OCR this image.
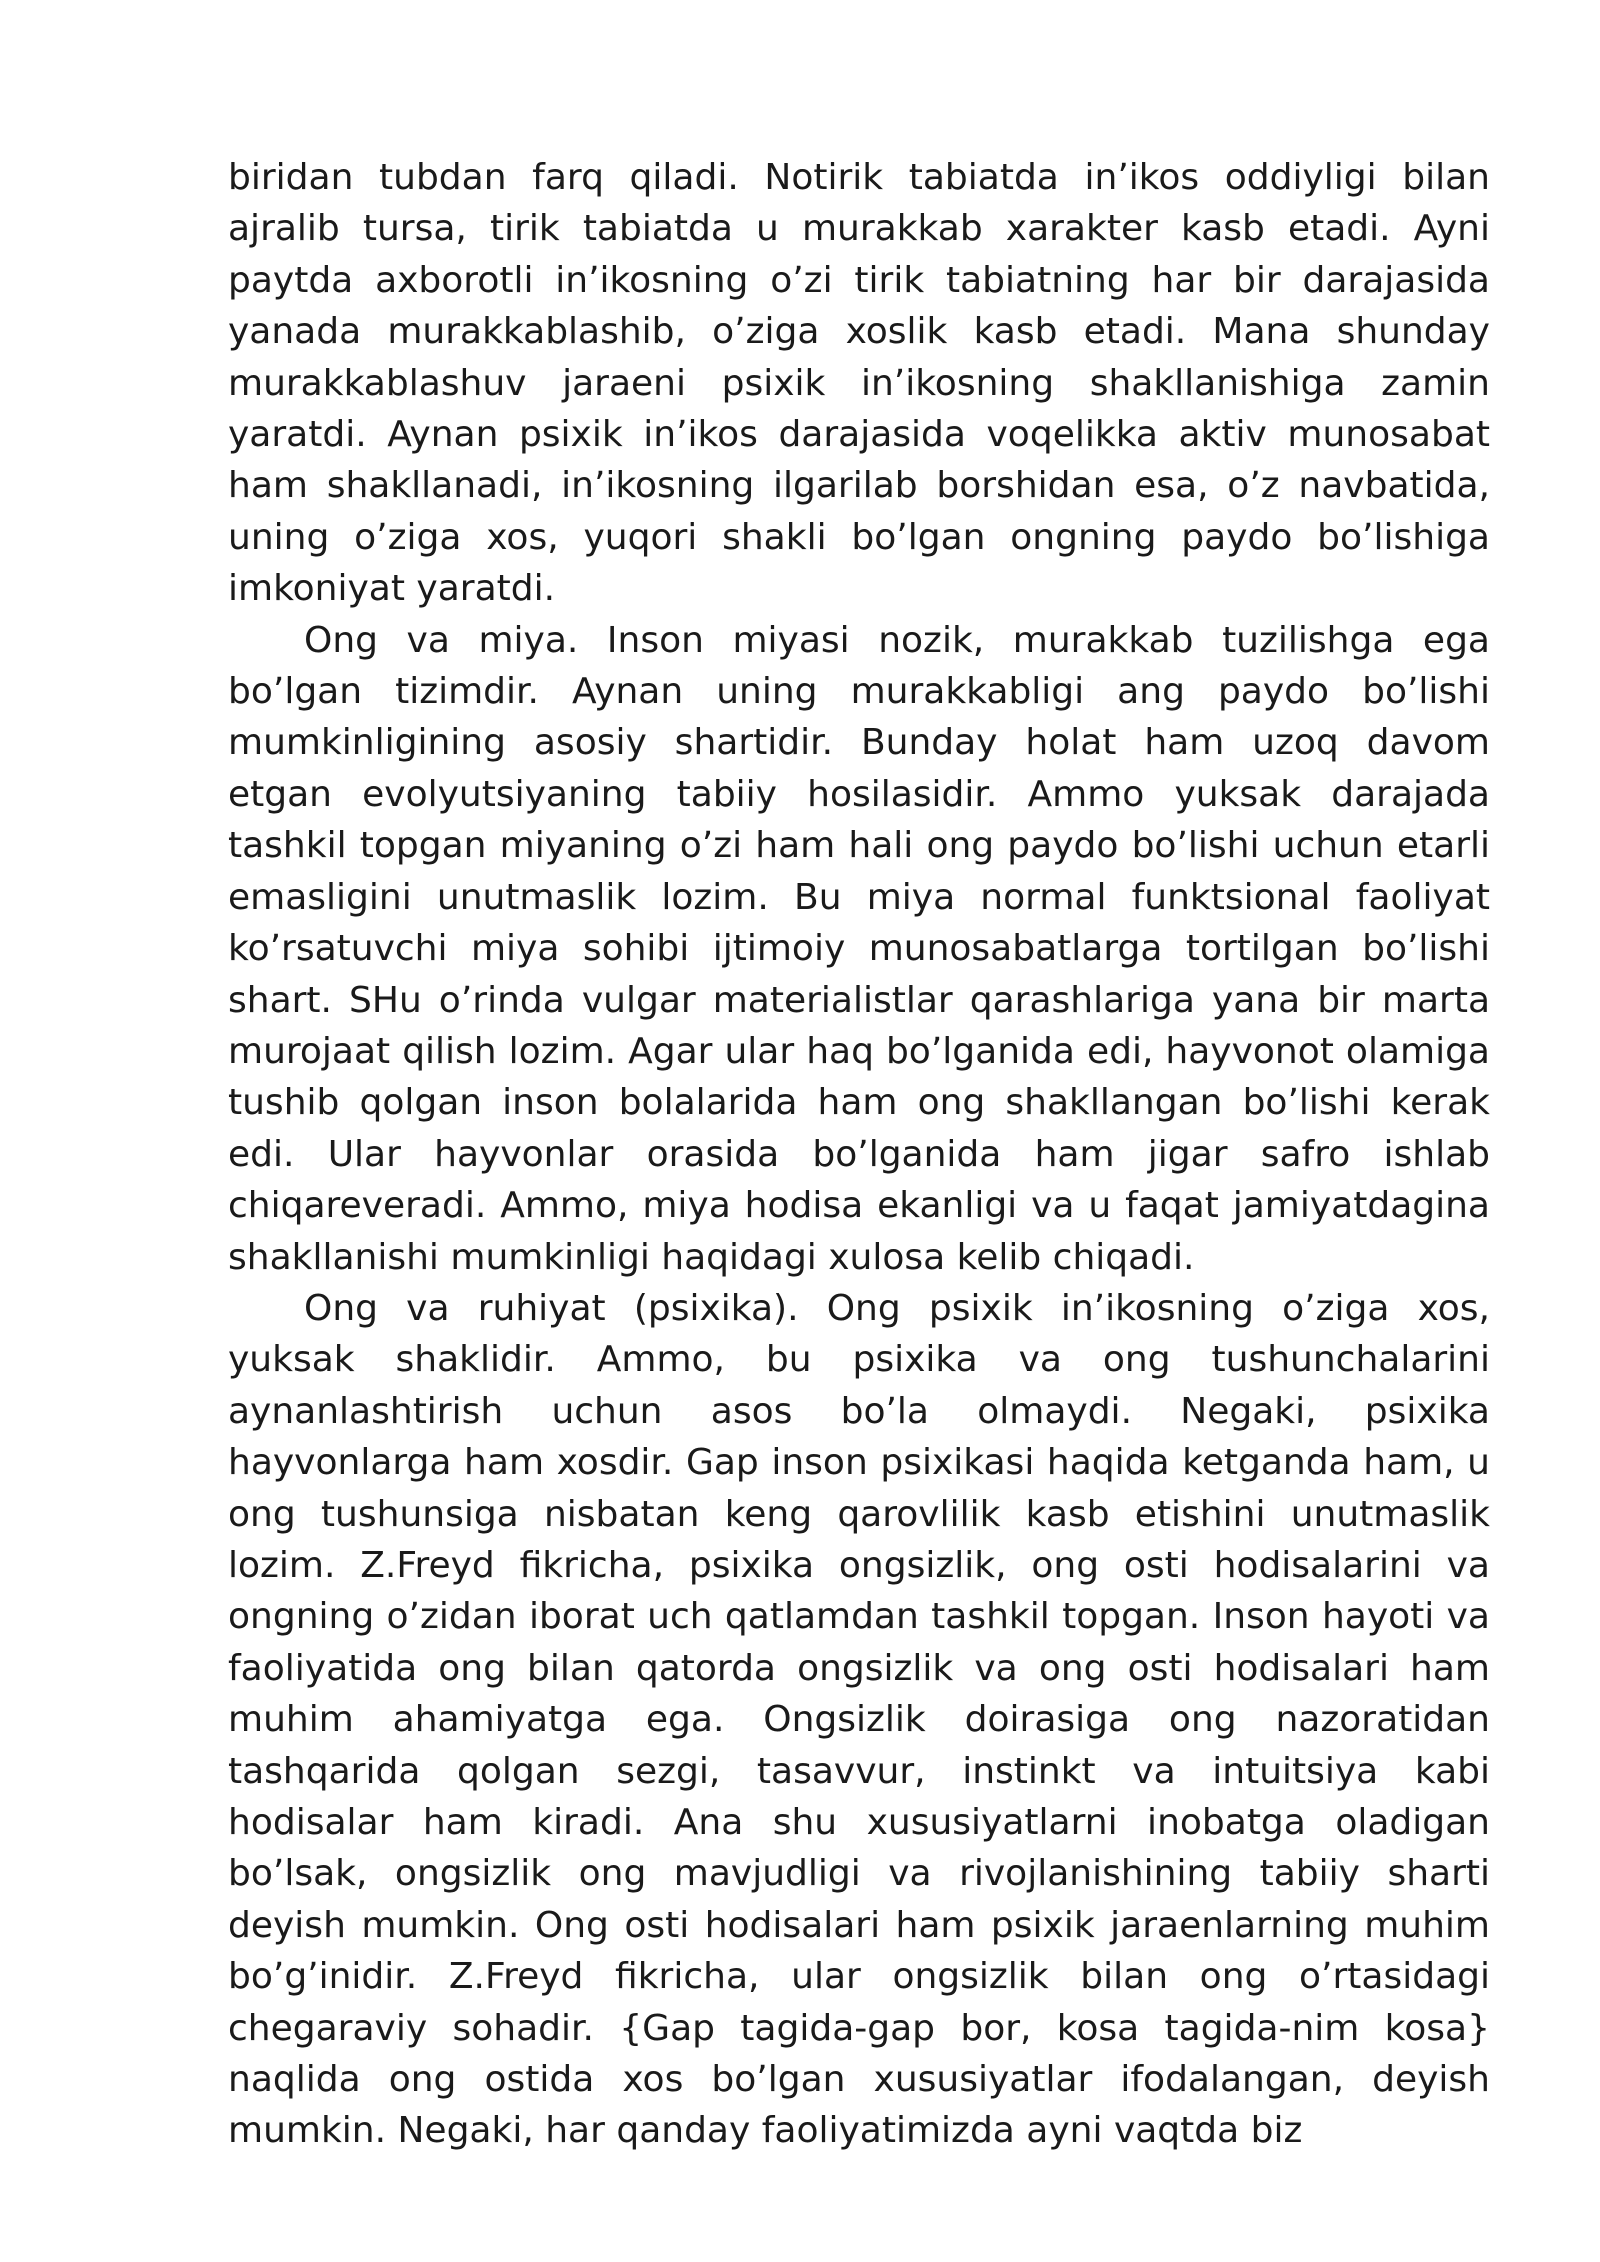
biridan tubdan farq qiladi. Notirik tabiatda in’ikos oddiyligi bilan ajralib tursa, tirik tabiatda u murakkab xarakter kasb etadi. Ayni paytda axborotli in’ikosning o’zi tirik tabiatning har bir darajasida yanada murakkablashib, o’ziga xoslik kasb etadi. Mana shunday murakkablashuv jaraeni psixik in’ikosning shakllanishiga zamin yaratdi. Aynan psixik in’ikos darajasida voqelikka aktiv munosabat ham shakllanadi, in’ikosning ilgarilab borshidan esa, o’z navbatida, uning o’ziga xos, yuqori shakli bo’lgan ongning paydo bo’lishiga imkoniyat yaratdi.

Ong va miya. Inson miyasi nozik, murakkab tuzilishga ega bo’lgan tizimdir. Aynan uning murakkabligi ang paydo bo’lishi mumkinligining asosiy shartidir. Bunday holat ham uzoq davom etgan evolyutsiyaning tabiiy hosilasidir. Ammo yuksak darajada tashkil topgan miyaning o’zi ham hali ong paydo bo’lishi uchun etarli emasligini unutmaslik lozim. Bu miya normal funktsional faoliyat ko’rsatuvchi miya sohibi ijtimoiy munosabatlarga tortilgan bo’lishi shart. SHu o’rinda vulgar materialistlar qarashlariga yana bir marta murojaat qilish lozim. Agar ular haq bo’lganida edi, hayvonot olamiga tushib qolgan inson bolalarida ham ong shakllangan bo’lishi kerak edi. Ular hayvonlar orasida bo’lganida ham jigar safro ishlab chiqareveradi. Ammo, miya hodisa ekanligi va u faqat jamiyatdagina shakllanishi mumkinligi haqidagi xulosa kelib chiqadi.

Ong va ruhiyat (psixika). Ong psixik in’ikosning o’ziga xos, yuksak shaklidir. Ammo, bu psixika va ong tushunchalarini aynanlashtirish uchun asos bo’la olmaydi. Negaki, psixika hayvonlarga ham xosdir. Gap inson psixikasi haqida ketganda ham, u ong tushunsiga nisbatan keng qarovlilik kasb etishini unutmaslik lozim. Z.Freyd fikricha, psixika ongsizlik, ong osti hodisalarini va ongning o’zidan iborat uch qatlamdan tashkil topgan. Inson hayoti va faoliyatida ong bilan qatorda ongsizlik va ong osti hodisalari ham muhim ahamiyatga ega. Ongsizlik doirasiga ong nazoratidan tashqarida qolgan sezgi, tasavvur, instinkt va intuitsiya kabi hodisalar ham kiradi. Ana shu xususiyatlarni inobatga oladigan bo’lsak, ongsizlik ong mavjudligi va rivojlanishining tabiiy sharti deyish mumkin. Ong osti hodisalari ham psixik jaraenlarning muhim bo’g’inidir. Z.Freyd fikricha, ular ongsizlik bilan ong o’rtasidagi chegaraviy sohadir. {Gap tagida-gap bor, kosa tagida-nim kosa} naqlida ong ostida xos bo’lgan xususiyatlar ifodalangan, deyish mumkin. Negaki, har qanday faoliyatimizda ayni vaqtda biz
